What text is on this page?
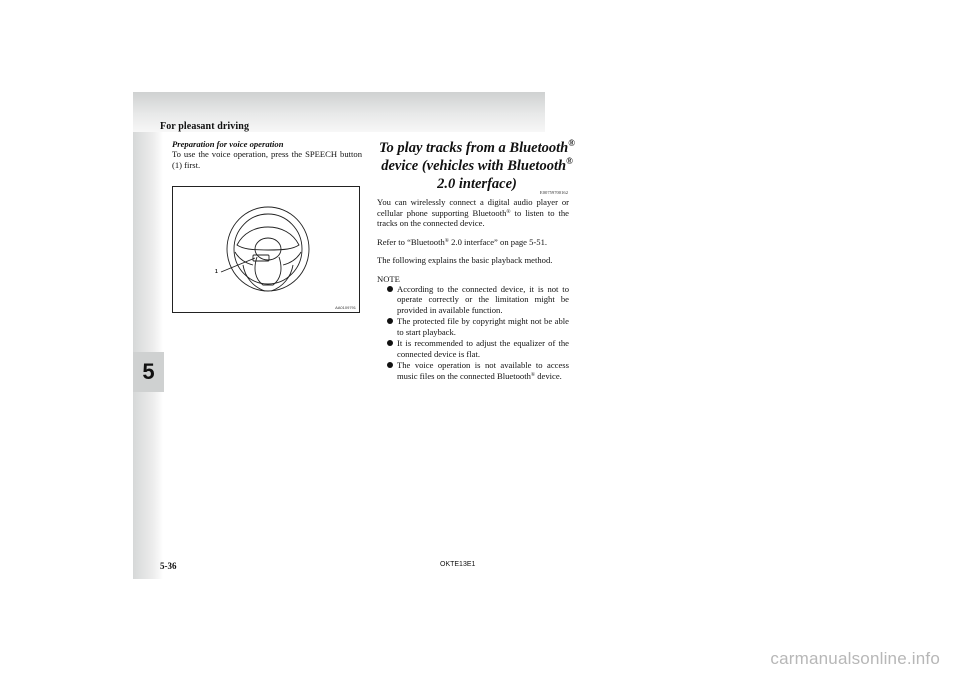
For pleasant driving
5
Preparation for voice operation
To use the voice operation, press the SPEECH button (1) first.
1
AA0109791
To play tracks from a Bluetooth®
device (vehicles with Bluetooth®
2.0 interface)
E00759700162

You can wirelessly connect a digital audio player or cellular phone supporting Bluetooth® to listen to the tracks on the connected device.

Refer to “Bluetooth® 2.0 interface” on page 5-51.

The following explains the basic playback method.

NOTE
According to the connected device, it is not to operate correctly or the limitation might be provided in available function.
The protected file by copyright might not be able to start playback.
It is recommended to adjust the equalizer of the connected device is flat.
The voice operation is not available to access music files on the connected Bluetooth® device.
5-36	OKTE13E1
carmanualsonline.info
